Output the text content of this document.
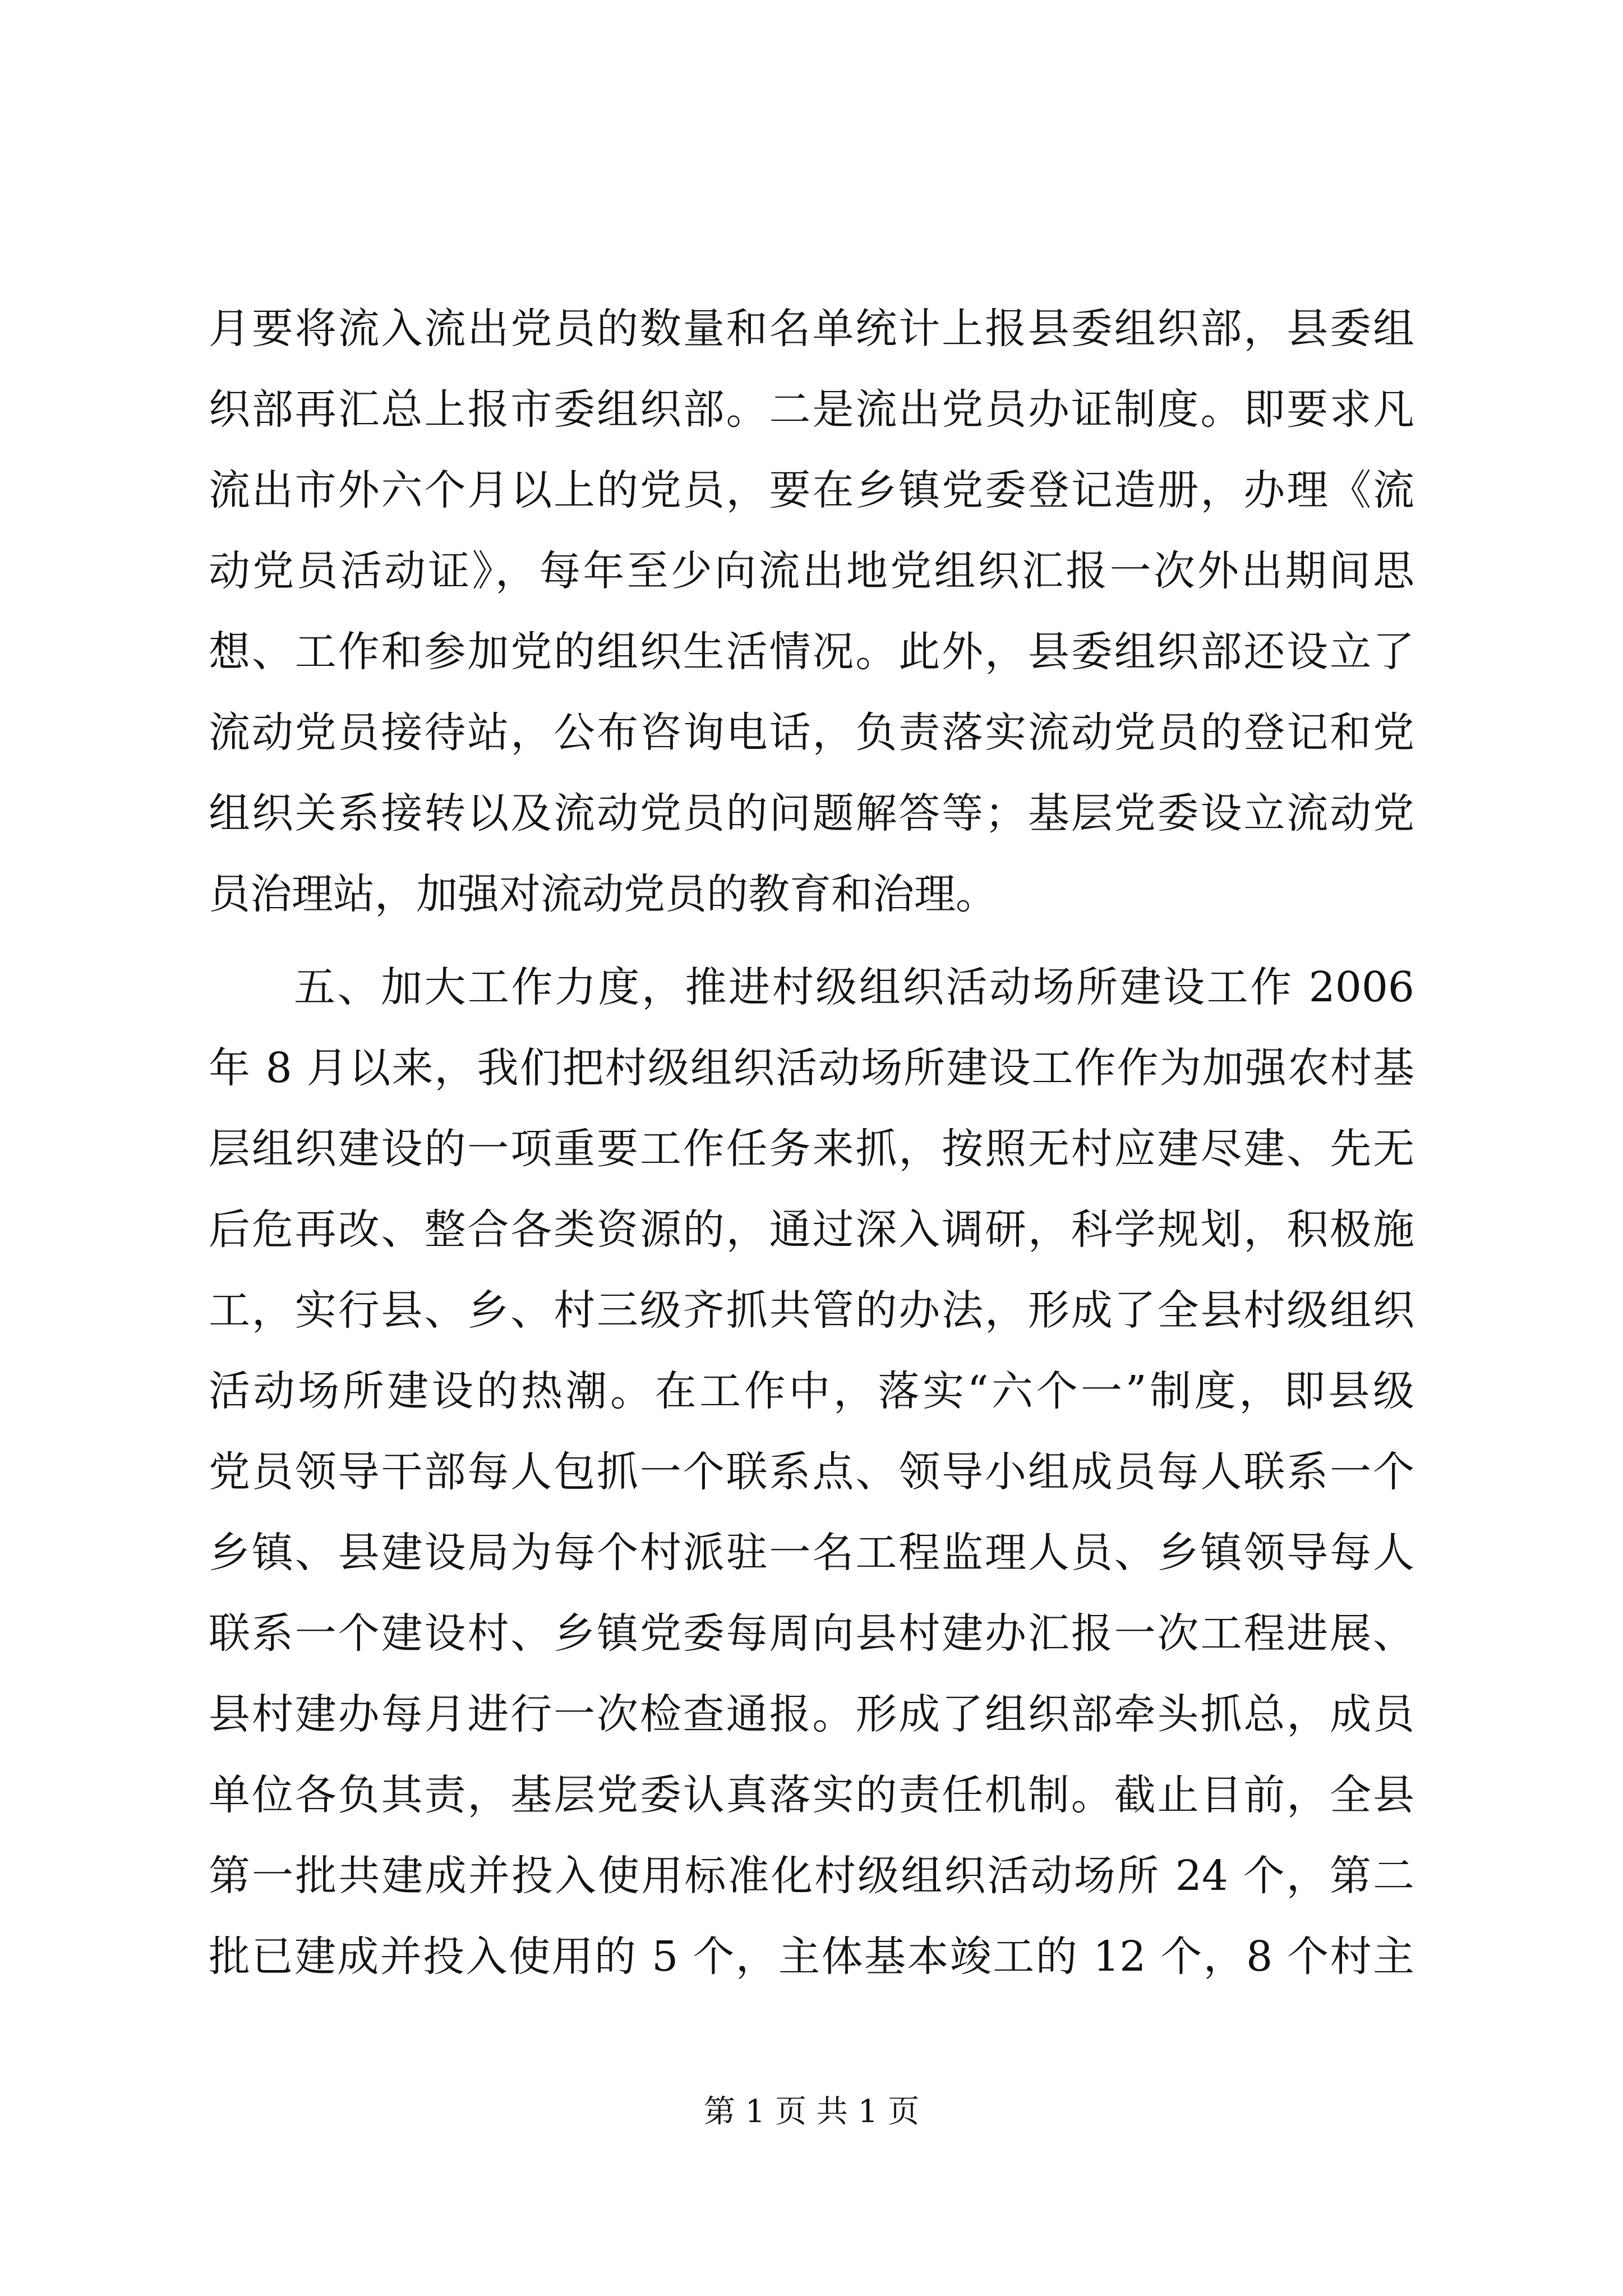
月要将流入流出党员的数量和名单统计上报县委组织部，县委组
织部再汇总上报市委组织部。二是流出党员办证制度。即要求凡
流出市外六个月以上的党员，要在乡镇党委登记造册，办理《流
动党员活动证》，每年至少向流出地党组织汇报一次外出期间思
想、工作和参加党的组织生活情况。此外，县委组织部还设立了
流动党员接待站，公布咨询电话，负责落实流动党员的登记和党
组织关系接转以及流动党员的问题解答等；基层党委设立流动党
员治理站，加强对流动党员的教育和治理。
五、加大工作力度，推进村级组织活动场所建设工作 2006
年 8 月以来，我们把村级组织活动场所建设工作作为加强农村基
层组织建设的一项重要工作任务来抓，按照无村应建尽建、先无
后危再改、整合各类资源的，通过深入调研，科学规划，积极施
工，实行县、乡、村三级齐抓共管的办法，形成了全县村级组织
活动场所建设的热潮。在工作中，落实“六个一”制度，即县级
党员领导干部每人包抓一个联系点、领导小组成员每人联系一个
乡镇、县建设局为每个村派驻一名工程监理人员、乡镇领导每人
联系一个建设村、乡镇党委每周向县村建办汇报一次工程进展、
县村建办每月进行一次检查通报。形成了组织部牵头抓总，成员
单位各负其责，基层党委认真落实的责任机制。截止目前，全县
第一批共建成并投入使用标准化村级组织活动场所 24 个，第二
批已建成并投入使用的 5 个，主体基本竣工的 12 个，8 个村主
第 1 页 共 1 页
